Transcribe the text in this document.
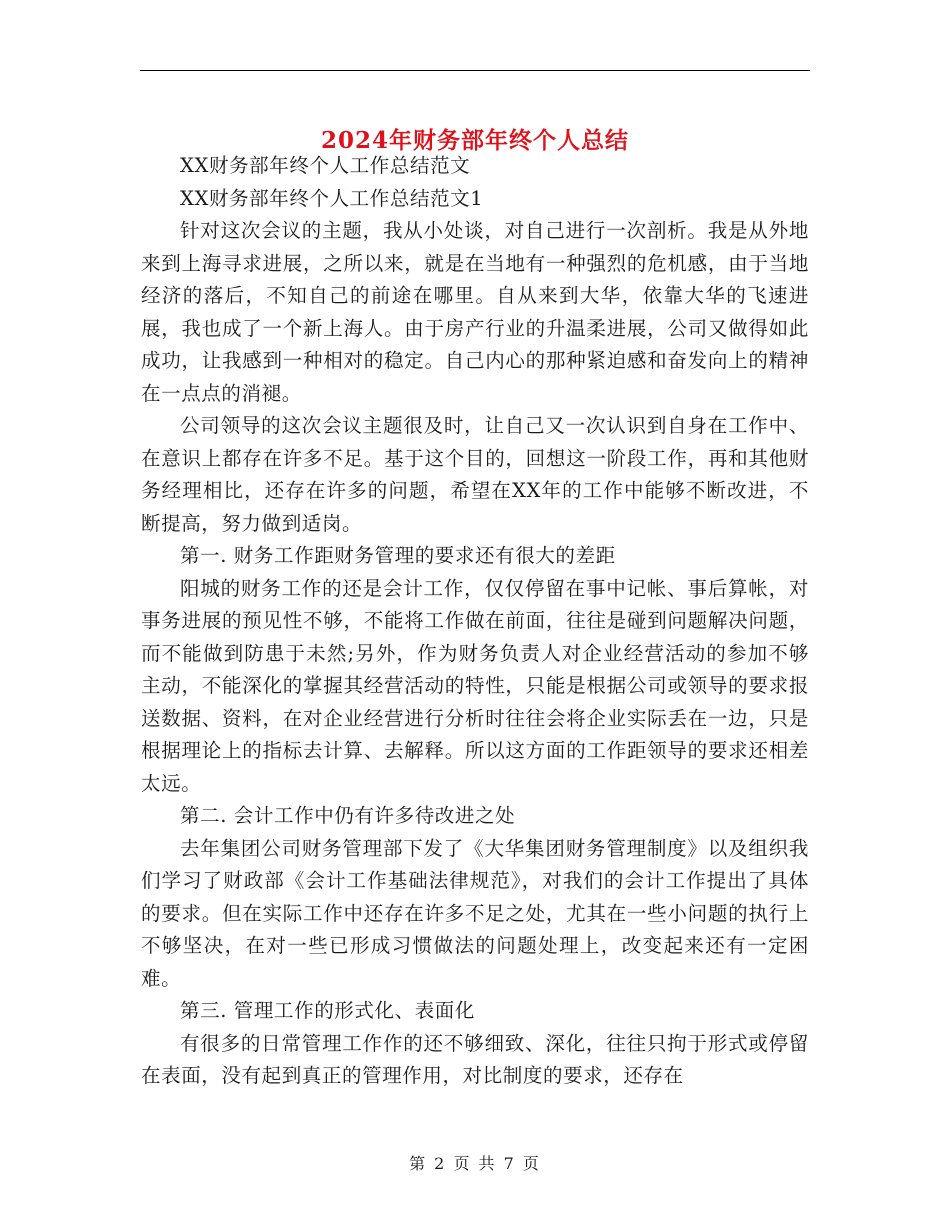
2024年财务部年终个人总结

XX财务部年终个人工作总结范文

XX财务部年终个人工作总结范文1

针对这次会议的主题，我从小处谈，对自己进行一次剖析。我是从外地来到上海寻求进展，之所以来，就是在当地有一种强烈的危机感，由于当地经济的落后，不知自己的前途在哪里。自从来到大华，依靠大华的飞速进展，我也成了一个新上海人。由于房产行业的升温柔进展，公司又做得如此成功，让我感到一种相对的稳定。自己内心的那种紧迫感和奋发向上的精神在一点点的消褪。

公司领导的这次会议主题很及时，让自己又一次认识到自身在工作中、在意识上都存在许多不足。基于这个目的，回想这一阶段工作，再和其他财务经理相比，还存在许多的问题，希望在XX年的工作中能够不断改进，不断提高，努力做到适岗。

第一. 财务工作距财务管理的要求还有很大的差距

阳城的财务工作的还是会计工作，仅仅停留在事中记帐、事后算帐，对事务进展的预见性不够，不能将工作做在前面，往往是碰到问题解决问题，而不能做到防患于未然;另外，作为财务负责人对企业经营活动的参加不够主动，不能深化的掌握其经营活动的特性，只能是根据公司或领导的要求报送数据、资料，在对企业经营进行分析时往往会将企业实际丢在一边，只是根据理论上的指标去计算、去解释。所以这方面的工作距领导的要求还相差太远。

第二. 会计工作中仍有许多待改进之处

去年集团公司财务管理部下发了《大华集团财务管理制度》以及组织我们学习了财政部《会计工作基础法律规范》，对我们的会计工作提出了具体的要求。但在实际工作中还存在许多不足之处，尤其在一些小问题的执行上不够坚决，在对一些已形成习惯做法的问题处理上，改变起来还有一定困难。

第三. 管理工作的形式化、表面化

有很多的日常管理工作作的还不够细致、深化，往往只拘于形式或停留在表面，没有起到真正的管理作用，对比制度的要求，还存在

第 2 页 共 7 页
